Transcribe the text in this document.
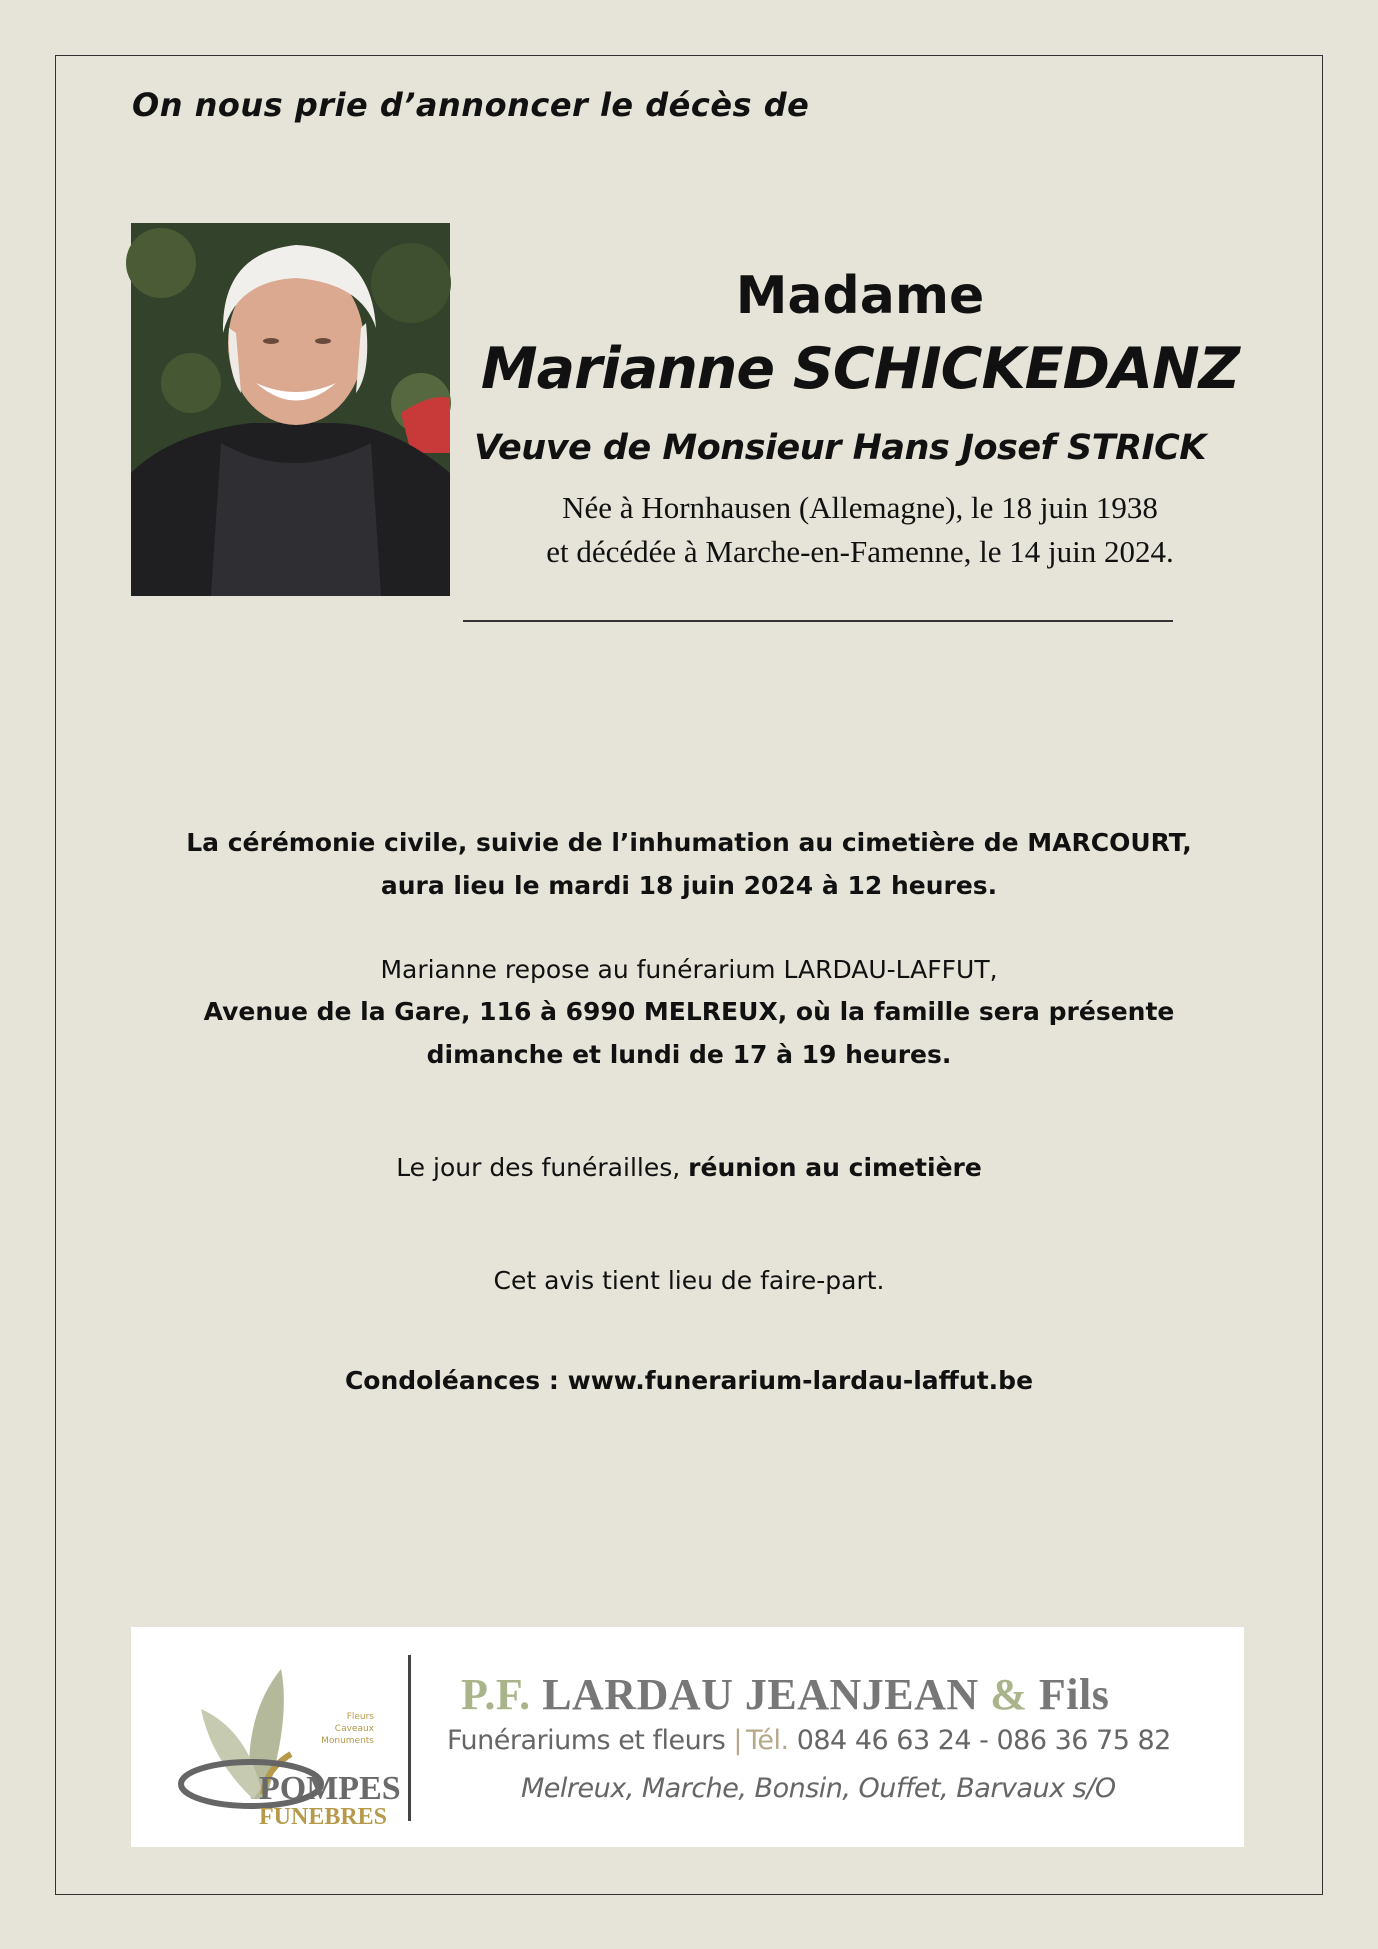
On nous prie d’annoncer le décès de
Madame
Marianne SCHICKEDANZ
Veuve de Monsieur Hans Josef STRICK
Née à Hornhausen (Allemagne), le 18 juin 1938
et décédée à Marche-en-Famenne, le 14 juin 2024.
La cérémonie civile, suivie de l’inhumation au cimetière de MARCOURT,
aura lieu le mardi 18 juin 2024 à 12 heures.
Marianne repose au funérarium LARDAU-LAFFUT,
Avenue de la Gare, 116 à 6990 MELREUX, où la famille sera présente
dimanche et lundi de 17 à 19 heures.
Le jour des funérailles, réunion au cimetière
Cet avis tient lieu de faire-part.
Condoléances : www.funerarium-lardau-laffut.be
POMPES
FUNEBRES
Fleurs
Caveaux
Monuments
P.F. LARDAU JEANJEAN & Fils
Funérariums et fleurs | Tél. 084 46 63 24 - 086 36 75 82
Melreux, Marche, Bonsin, Ouffet, Barvaux s/O
